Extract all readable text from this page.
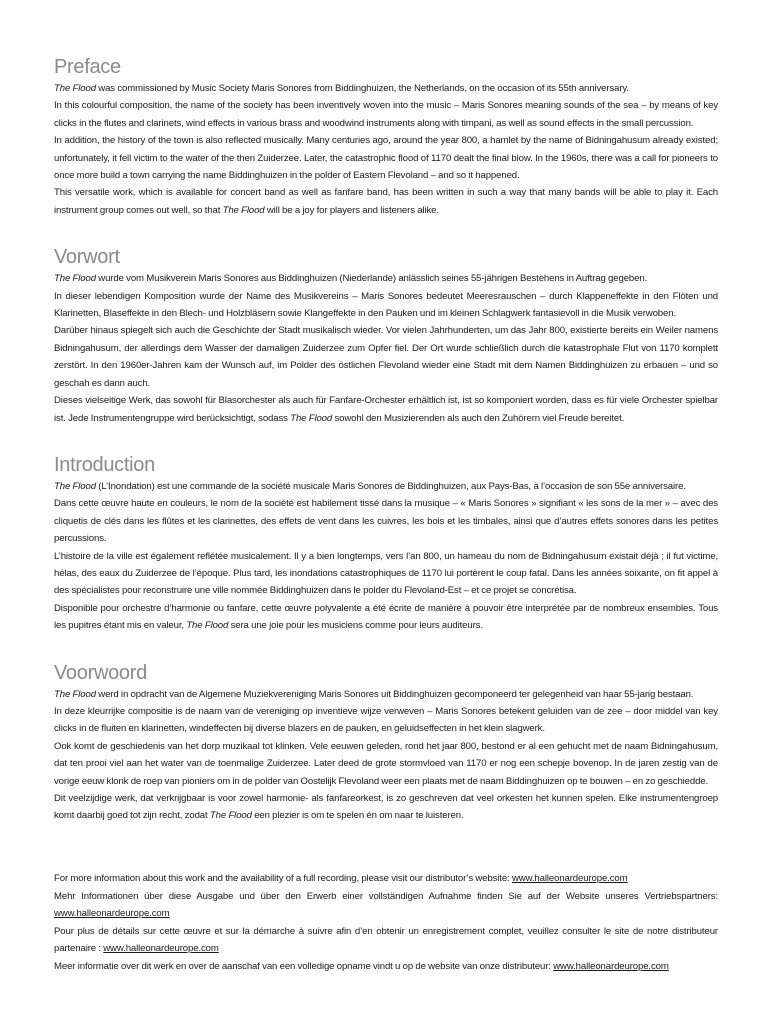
Preface

The Flood was commissioned by Music Society Maris Sonores from Biddinghuizen, the Netherlands, on the occasion of its 55th anniversary.

In this colourful composition, the name of the society has been inventively woven into the music – Maris Sonores meaning sounds of the sea – by means of key clicks in the flutes and clarinets, wind effects in various brass and woodwind instruments along with timpani, as well as sound effects in the small percussion.

In addition, the history of the town is also reflected musically. Many centuries ago, around the year 800, a hamlet by the name of Bidningahusum already existed; unfortunately, it fell victim to the water of the then Zuiderzee. Later, the catastrophic flood of 1170 dealt the final blow. In the 1960s, there was a call for pioneers to once more build a town carrying the name Biddinghuizen in the polder of Eastern Flevoland – and so it happened.

This versatile work, which is available for concert band as well as fanfare band, has been written in such a way that many bands will be able to play it. Each instrument group comes out well, so that The Flood will be a joy for players and listeners alike.

Vorwort

The Flood wurde vom Musikverein Maris Sonores aus Biddinghuizen (Niederlande) anlässlich seines 55-jährigen Bestehens in Auftrag gegeben.

In dieser lebendigen Komposition wurde der Name des Musikvereins – Maris Sonores bedeutet Meeresrauschen – durch Klappeneffekte in den Flöten und Klarinetten, Blaseffekte in den Blech- und Holzbläsern sowie Klangeffekte in den Pauken und im kleinen Schlagwerk fantasievoll in die Musik verwoben.

Darüber hinaus spiegelt sich auch die Geschichte der Stadt musikalisch wieder. Vor vielen Jahrhunderten, um das Jahr 800, existierte bereits ein Weiler namens Bidningahusum, der allerdings dem Wasser der damaligen Zuiderzee zum Opfer fiel. Der Ort wurde schließlich durch die katastrophale Flut von 1170 komplett zerstört. In den 1960er-Jahren kam der Wunsch auf, im Polder des östlichen Flevoland wieder eine Stadt mit dem Namen Biddinghuizen zu erbauen – und so geschah es dann auch.

Dieses vielseitige Werk, das sowohl für Blasorchester als auch für Fanfare-Orchester erhältlich ist, ist so komponiert worden, dass es für viele Orchester spielbar ist. Jede Instrumentengruppe wird berücksichtigt, sodass The Flood sowohl den Musizierenden als auch den Zuhörern viel Freude bereitet.

Introduction

The Flood (L’Inondation) est une commande de la société musicale Maris Sonores de Biddinghuizen, aux Pays-Bas, à l’occasion de son 55e anniversaire.

Dans cette œuvre haute en couleurs, le nom de la société est habilement tissé dans la musique – « Maris Sonores » signifiant « les sons de la mer » – avec des cliquetis de clés dans les flûtes et les clarinettes, des effets de vent dans les cuivres, les bois et les timbales, ainsi que d’autres effets sonores dans les petites percussions.

L’histoire de la ville est également reflétée musicalement. Il y a bien longtemps, vers l’an 800, un hameau du nom de Bidningahusum existait déjà ; il fut victime, hélas, des eaux du Zuiderzee de l’époque. Plus tard, les inondations catastrophiques de 1170 lui portèrent le coup fatal. Dans les années soixante, on fit appel à des spécialistes pour reconstruire une ville nommée Biddinghuizen dans le polder du Flevoland-Est – et ce projet se concrétisa.

Disponible pour orchestre d’harmonie ou fanfare, cette œuvre polyvalente a été écrite de manière à pouvoir être interprétée par de nombreux ensembles. Tous les pupitres étant mis en valeur, The Flood sera une joie pour les musiciens comme pour leurs auditeurs.

Voorwoord

The Flood werd in opdracht van de Algemene Muziekvereniging Maris Sonores uit Biddinghuizen gecomponeerd ter gelegenheid van haar 55-jarig bestaan.

In deze kleurrijke compositie is de naam van de vereniging op inventieve wijze verweven – Maris Sonores betekent geluiden van de zee – door middel van key clicks in de fluiten en klarinetten, windeffecten bij diverse blazers en de pauken, en geluidseffecten in het klein slagwerk.

Ook komt de geschiedenis van het dorp muzikaal tot klinken. Vele eeuwen geleden, rond het jaar 800, bestond er al een gehucht met de naam Bidningahusum, dat ten prooi viel aan het water van de toenmalige Zuiderzee. Later deed de grote stormvloed van 1170 er nog een schepje bovenop. In de jaren zestig van de vorige eeuw klonk de roep van pioniers om in de polder van Oostelijk Flevoland weer een plaats met de naam Biddinghuizen op te bouwen – en zo geschiedde.

Dit veelzijdige werk, dat verkrijgbaar is voor zowel harmonie- als fanfareorkest, is zo geschreven dat veel orkesten het kunnen spelen. Elke instrumentengroep komt daarbij goed tot zijn recht, zodat The Flood een plezier is om te spelen én om naar te luisteren.

For more information about this work and the availability of a full recording, please visit our distributor’s website: www.halleonardeurope.com

Mehr Informationen über diese Ausgabe und über den Erwerb einer vollständigen Aufnahme finden Sie auf der Website unseres Vertriebspartners: www.halleonardeurope.com

Pour plus de détails sur cette œuvre et sur la démarche à suivre afin d’en obtenir un enregistrement complet, veuillez consulter le site de notre distributeur partenaire : www.halleonardeurope.com

Meer informatie over dit werk en over de aanschaf van een volledige opname vindt u op de website van onze distributeur: www.halleonardeurope.com
